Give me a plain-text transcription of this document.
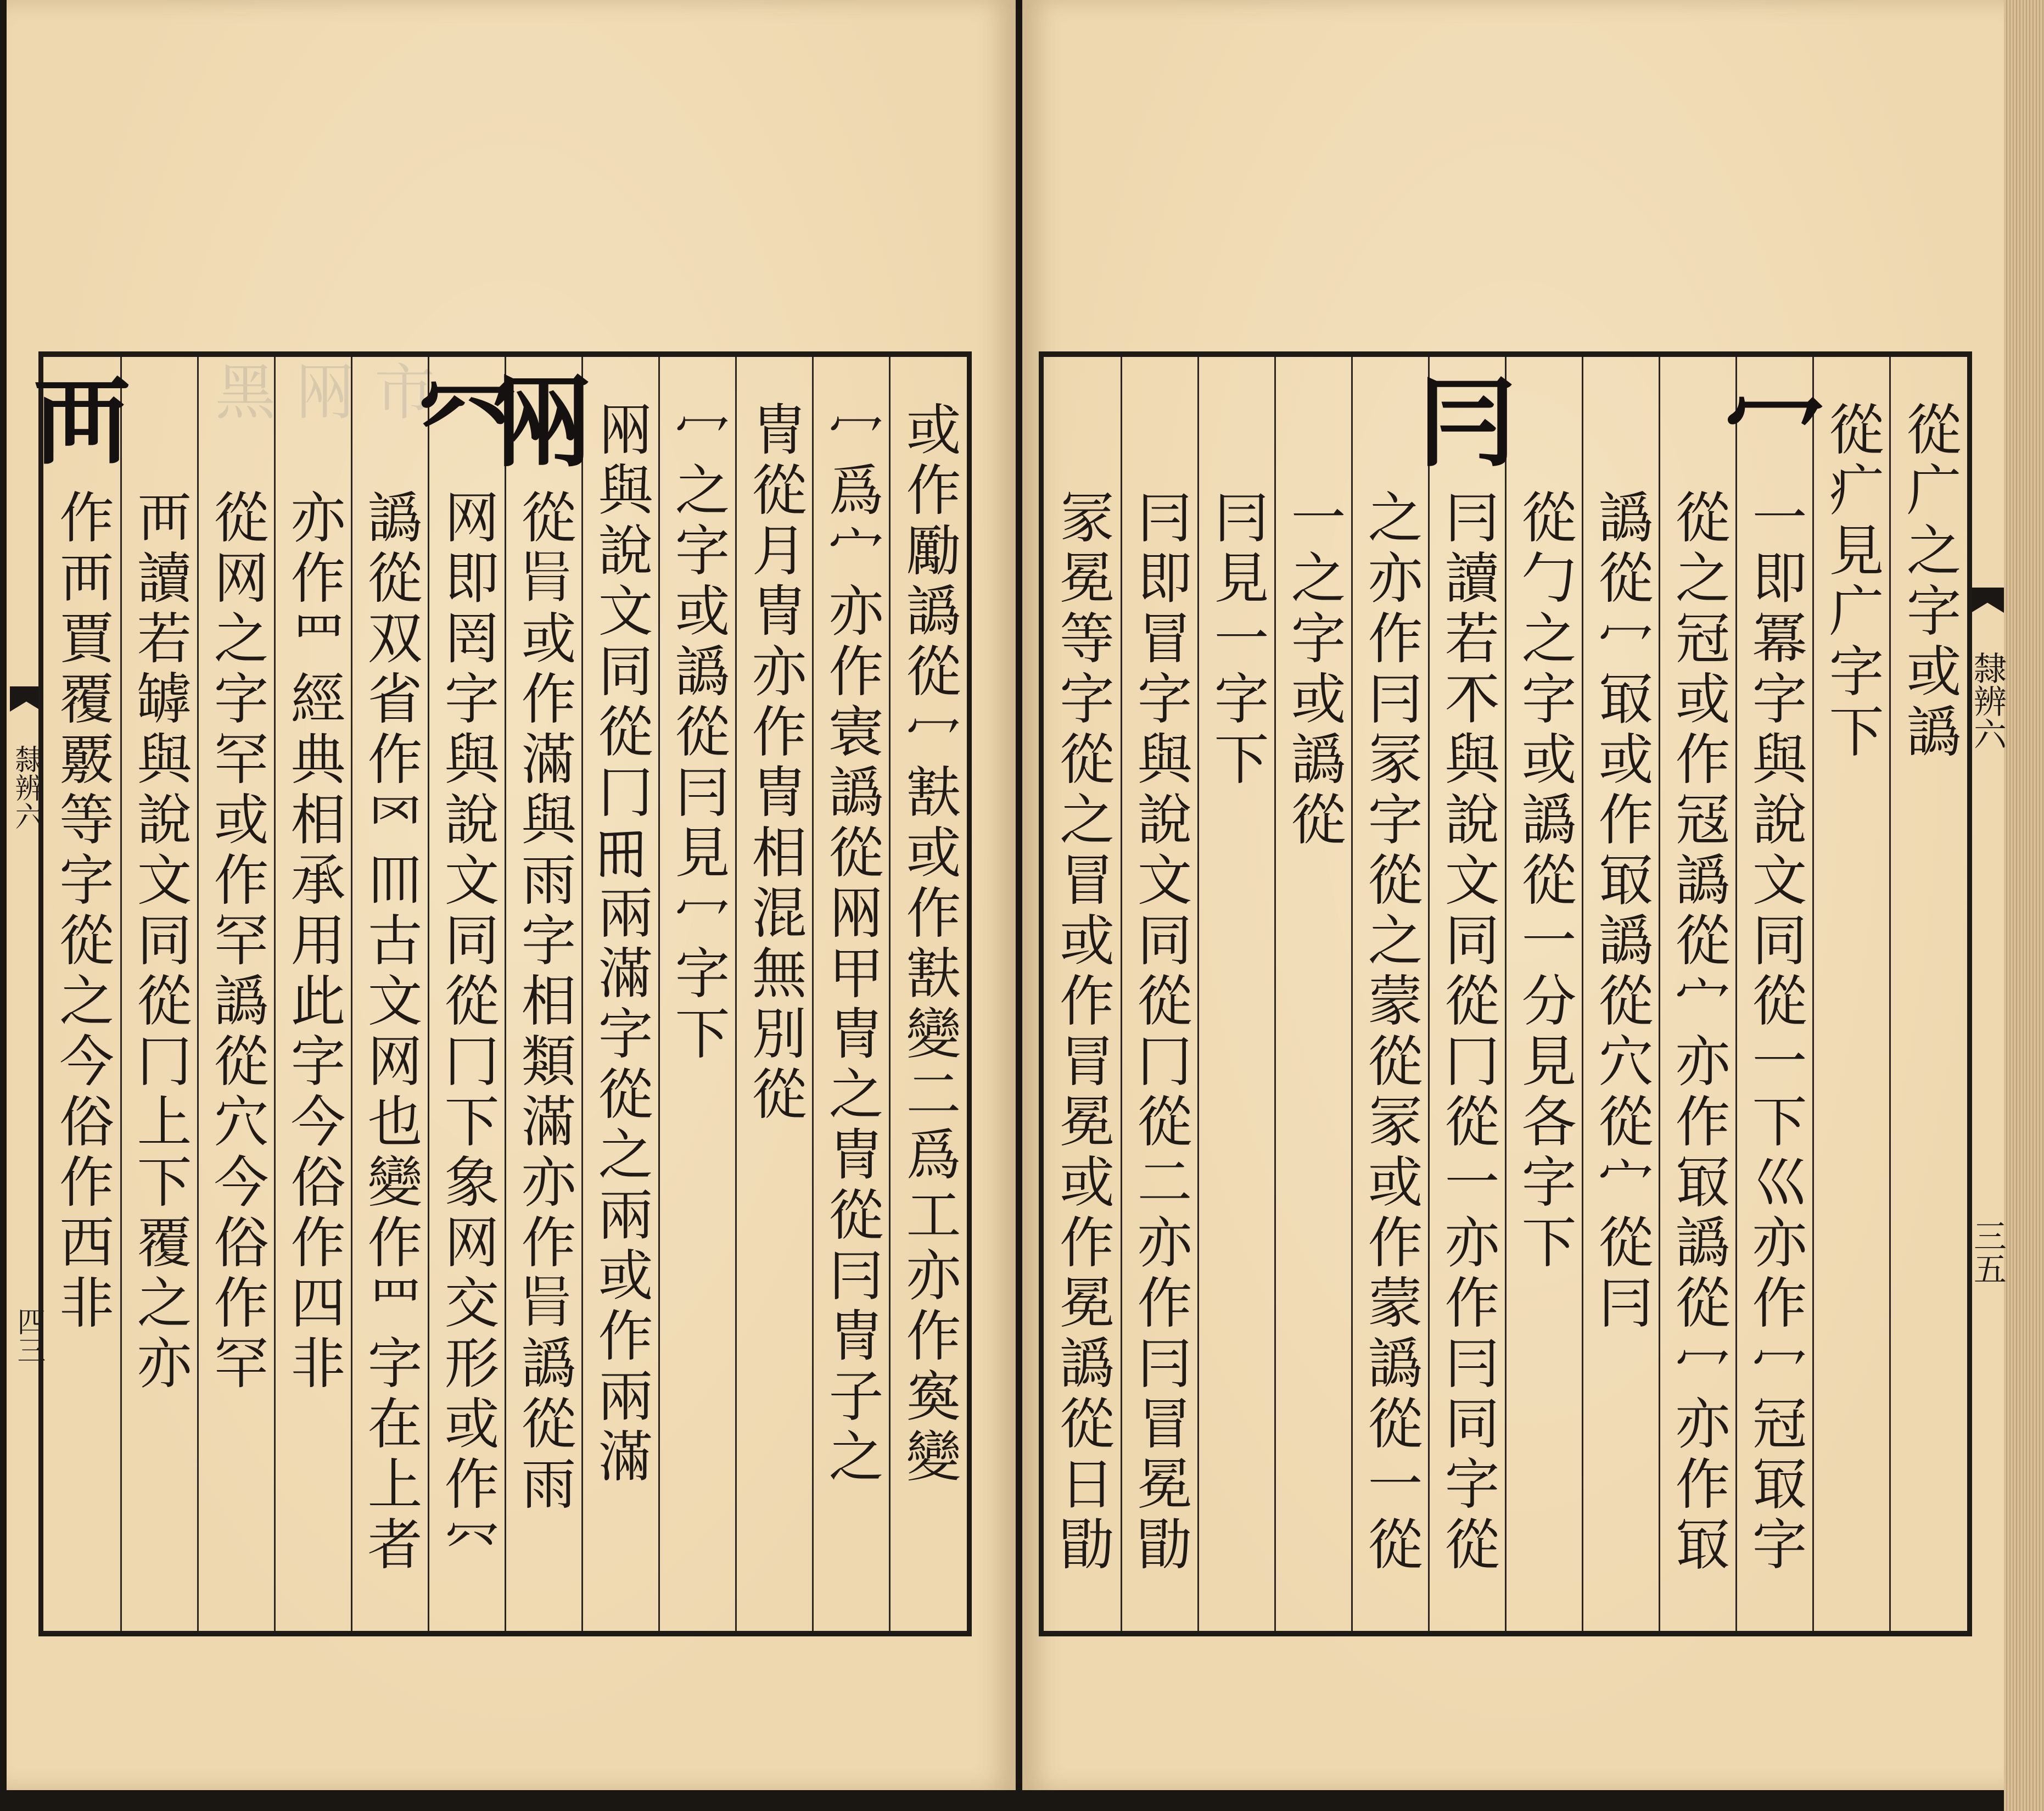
黑 㒳 市
隸辨六
四三
隸辨六
三五
或作勵譌從冖㝬或作㝬變二爲工亦作寏變
冖爲宀亦作㝨譌從㒳甲冑之冑從冃冑子之
冑從月冑亦作冑相混無別從
冖之字或譌從冃見冖字下
㒳與說文同從冂𠕁兩滿字從之兩或作兩滿
㒳
從𦙃或作滿與雨字相類滿亦作𦙃譌從雨
㓁
网即罔字與說文同從冂下象网交形或作㓁
譌從双省作罓𦉫古文网也變作罒字在上者
亦作罒經典相承用此字今俗作四非
從网之字罕或作罕譌從穴今俗作罕
襾讀若罅與說文同從冂上下覆之亦
襾
作襾賈覆覈等字從之今俗作西非	從广之字或譌
從疒見广字下
冖
一即冪字與說文同從一下巛亦作冖冠冣字
從之冠或作冦譌從宀亦作冣譌從冖亦作冣
譌從冖冣或作冣譌從穴從宀從冃
從勹之字或譌從一分見各字下
冃
冃讀若𣎴與說文同從冂從一亦作冃同字從
之亦作冃冡字從之蒙從冡或作蒙譌從一從
一之字或譌從
冃見一字下
冃即冒字與說文同從冂從二亦作冃冒冕勖
冡冕等字從之冒或作冐冕或作冕譌從日勖
